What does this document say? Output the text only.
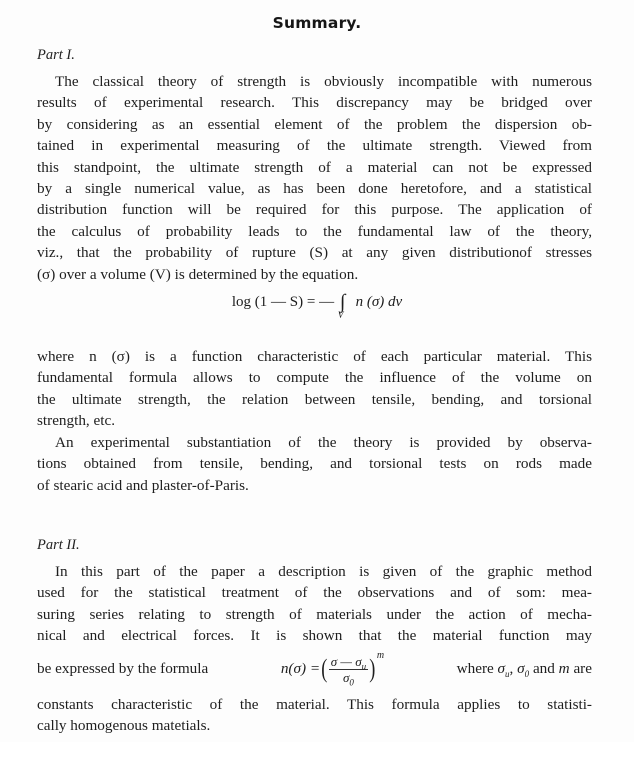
Summary.
Part I.
The classical theory of strength is obviously incompatible with numerous
results of experimental research. This discrepancy may be bridged over
by considering as an essential element of the problem the dispersion ob-
tained in experimental measuring of the ultimate strength. Viewed from
this standpoint, the ultimate strength of a material can not be expressed
by a single numerical value, as has been done heretofore, and a statistical
distribution function will be required for this purpose. The application of
the calculus of probability leads to the fundamental law of the theory,
viz., that the probability of rupture (S) at any given distributionof stresses
(σ) over a volume (V) is determined by the equation.
log (1 — S) = — ∫
V
n (σ) dv
where n (σ) is a function characteristic of each particular material. This
fundamental formula allows to compute the influence of the volume on
the ultimate strength, the relation between tensile, bending, and torsional
strength, etc.
An experimental substantiation of the theory is provided by observa-
tions obtained from tensile, bending, and torsional tests on rods made
of stearic acid and plaster-of-Paris.
Part II.
In this part of the paper a description is given of the graphic method
used for the statistical treatment of the observations and of som: mea-
suring series relating to strength of materials under the action of mecha-
nical and electrical forces. It is shown that the material function may
be expressed by the formula	n(σ) = ( $\frac{\sigma — \sigma_u}{\sigma_0}$ ) m
where $\sigma_u$, $\sigma_0$ and m are
constants characteristic of the material. This formula applies to statisti-
cally homogenous matetials.
